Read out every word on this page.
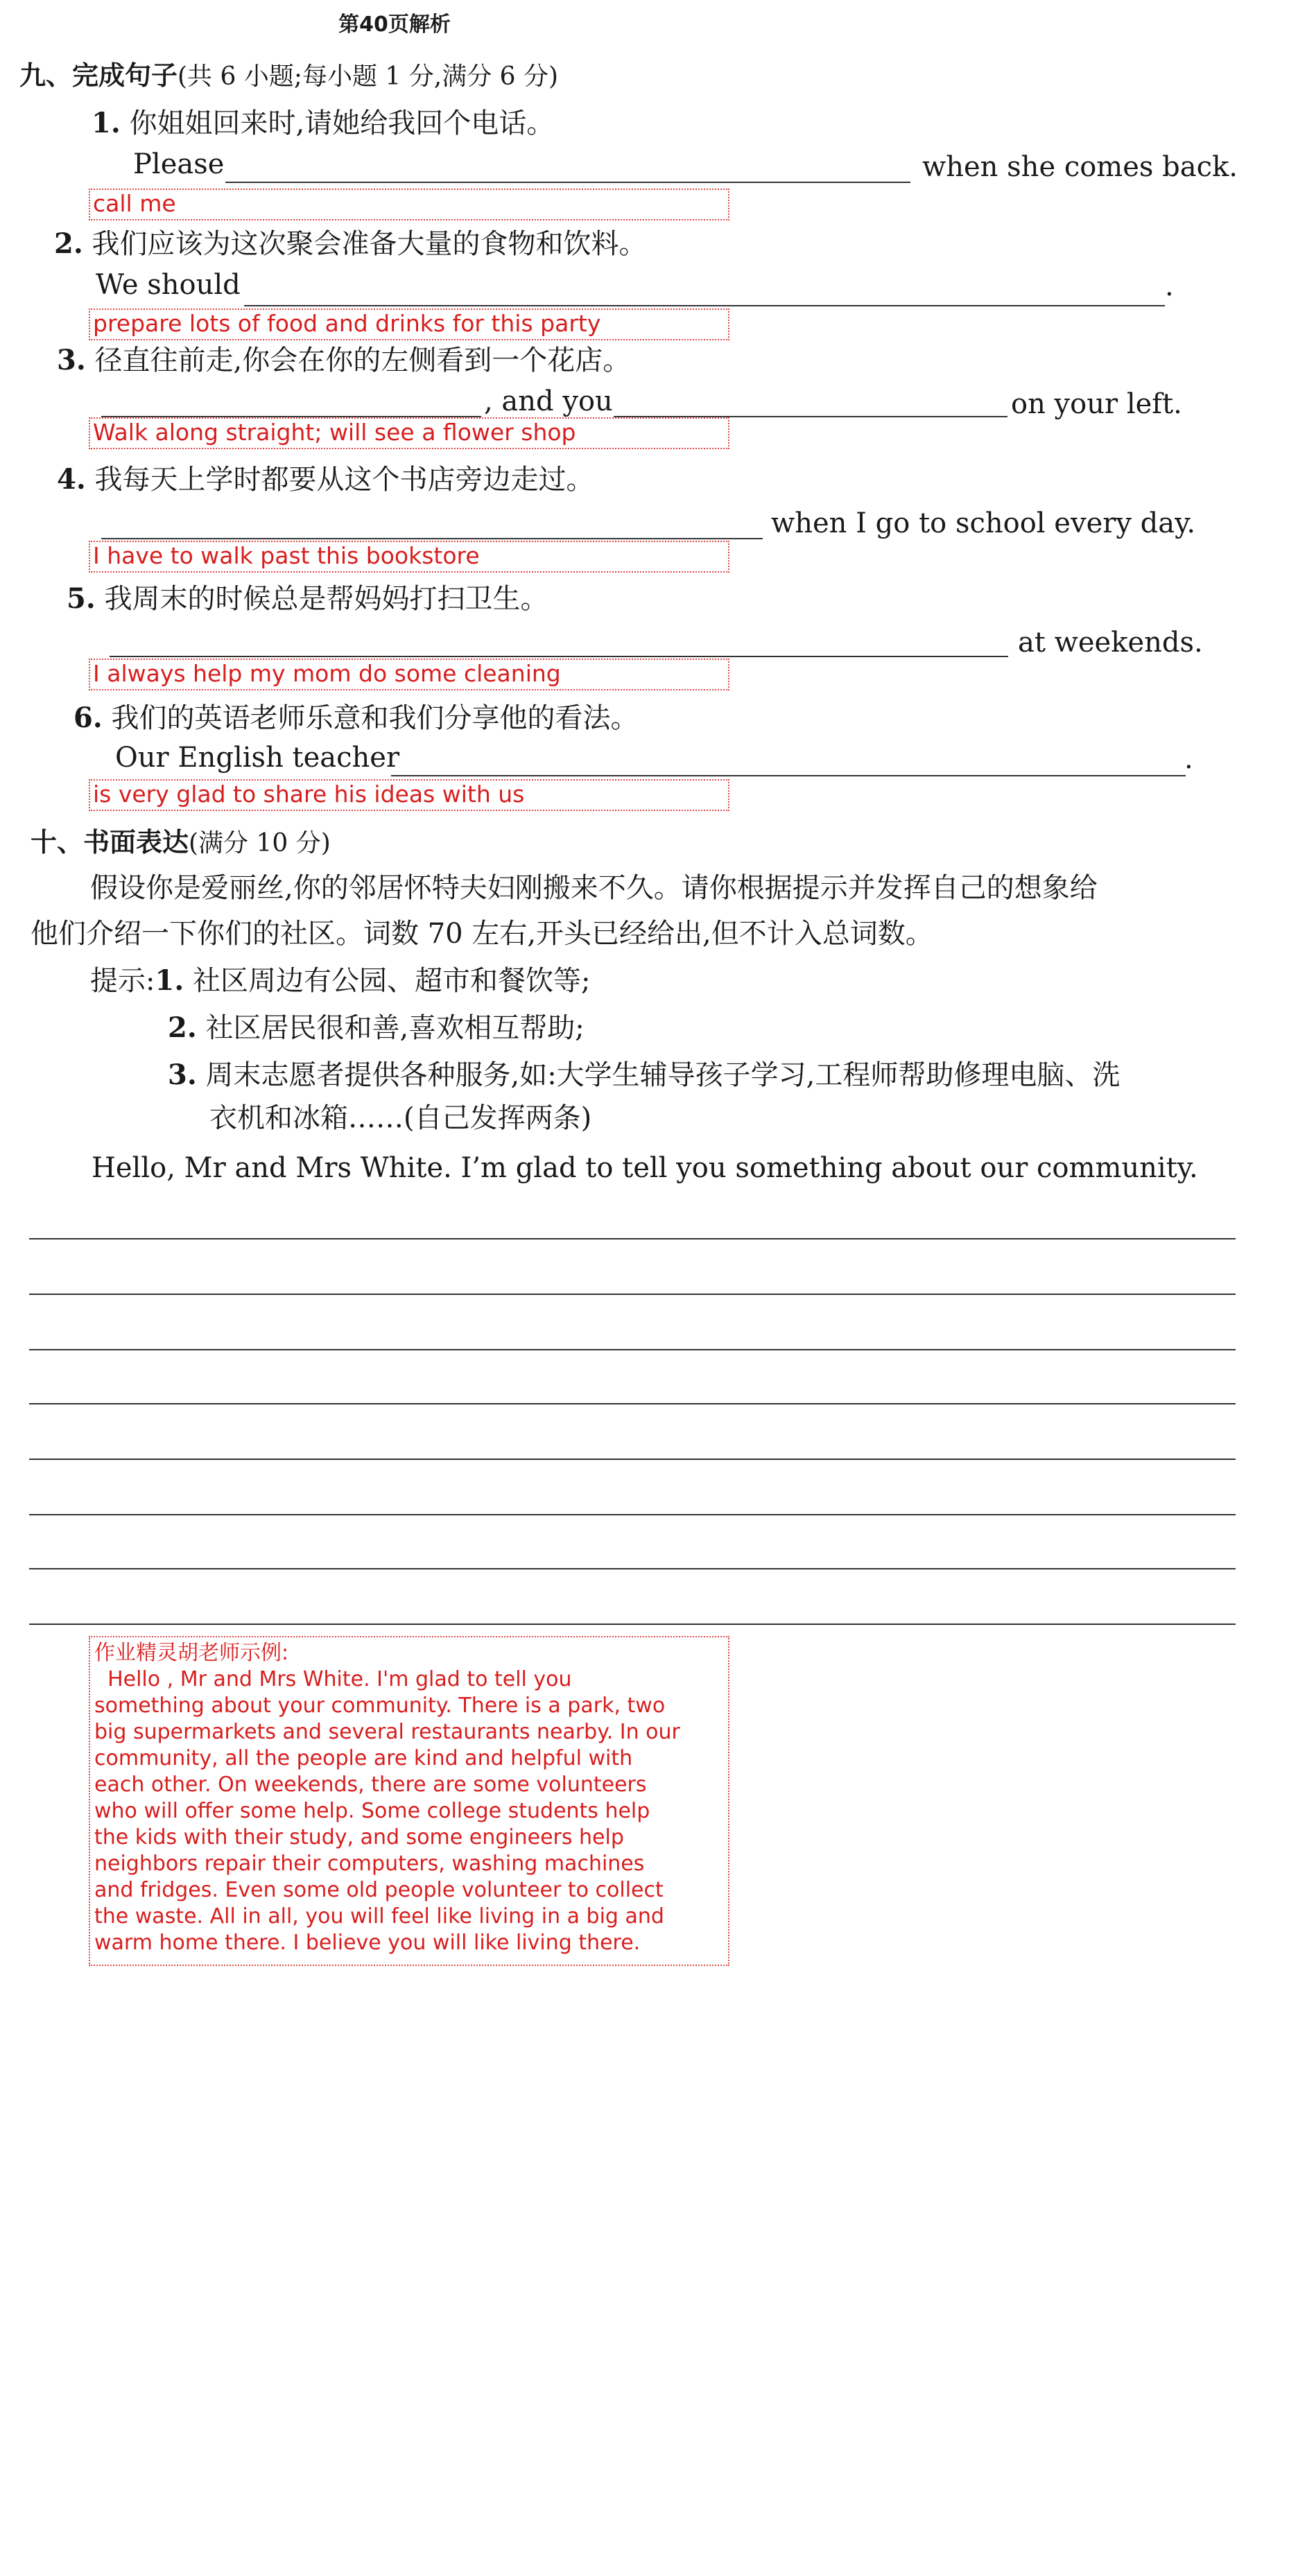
第40页解析
九、完成句子(共 6 小题;每小题 1 分,满分 6 分)
1. 你姐姐回来时,请她给我回个电话。
Please	when she comes back.
call me
2. 我们应该为这次聚会准备大量的食物和饮料。
We should	.
prepare lots of food and drinks for this party
3. 径直往前走,你会在你的左侧看到一个花店。
, and you	on your left.
Walk along straight; will see a flower shop
4. 我每天上学时都要从这个书店旁边走过。
when I go to school every day.
I have to walk past this bookstore
5. 我周末的时候总是帮妈妈打扫卫生。
at weekends.
I always help my mom do some cleaning
6. 我们的英语老师乐意和我们分享他的看法。
Our English teacher	.
is very glad to share his ideas with us
十、书面表达(满分 10 分)
假设你是爱丽丝,你的邻居怀特夫妇刚搬来不久。请你根据提示并发挥自己的想象给
他们介绍一下你们的社区。词数 70 左右,开头已经给出,但不计入总词数。
提示:1. 社区周边有公园、超市和餐饮等;
2. 社区居民很和善,喜欢相互帮助;
3. 周末志愿者提供各种服务,如:大学生辅导孩子学习,工程师帮助修理电脑、洗
衣机和冰箱……(自己发挥两条)
Hello, Mr and Mrs White. I’m glad to tell you something about our community.
作业精灵胡老师示例:
Hello , Mr and Mrs White. I'm glad to tell you
something about your community. There is a park, two
big supermarkets and several restaurants nearby. In our
community, all the people are kind and helpful with
each other. On weekends, there are some volunteers
who will offer some help. Some college students help
the kids with their study, and some engineers help
neighbors repair their computers, washing machines
and fridges. Even some old people volunteer to collect
the waste. All in all, you will feel like living in a big and
warm home there. I believe you will like living there.
